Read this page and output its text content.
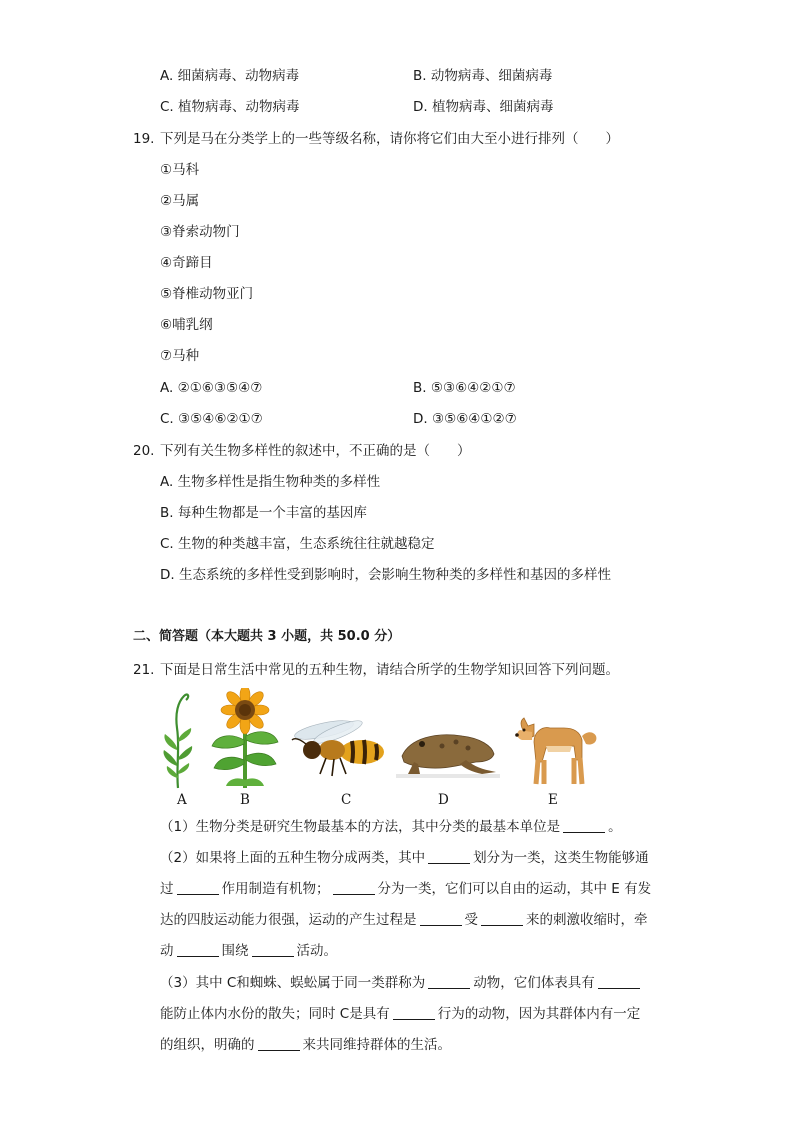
A. 细菌病毒、动物病毒	B. 动物病毒、细菌病毒
C. 植物病毒、动物病毒	D. 植物病毒、细菌病毒
19. 下列是马在分类学上的一些等级名称，请你将它们由大至小进行排列（　　）
①马科
②马属
③脊索动物门
④奇蹄目
⑤脊椎动物亚门
⑥哺乳纲
⑦马种
A. ②①⑥③⑤④⑦	B. ⑤③⑥④②①⑦
C. ③⑤④⑥②①⑦	D. ③⑤⑥④①②⑦
20. 下列有关生物多样性的叙述中，不正确的是（　　）
A. 生物多样性是指生物种类的多样性
B. 每种生物都是一个丰富的基因库
C. 生物的种类越丰富，生态系统往往就越稳定
D. 生态系统的多样性受到影响时，会影响生物种类的多样性和基因的多样性
二、简答题（本大题共 3 小题，共 50.0 分）
21. 下面是日常生活中常见的五种生物，请结合所学的生物学知识回答下列问题。
A	B	C	D	E
（1）生物分类是研究生物最基本的方法，其中分类的最基本单位是	。
（2）如果将上面的五种生物分成两类，其中	划分为一类，这类生物能够通
过	作用制造有机物；	分为一类，它们可以自由的运动，其中 E 有发
达的四肢运动能力很强，运动的产生过程是	受	来的刺激收缩时，牵
动	围绕	活动。
（3）其中 C和蜘蛛、蜈蚣属于同一类群称为	动物，它们体表具有
能防止体内水份的散失；同时 C是具有	行为的动物，因为其群体内有一定
的组织，明确的	来共同维持群体的生活。
